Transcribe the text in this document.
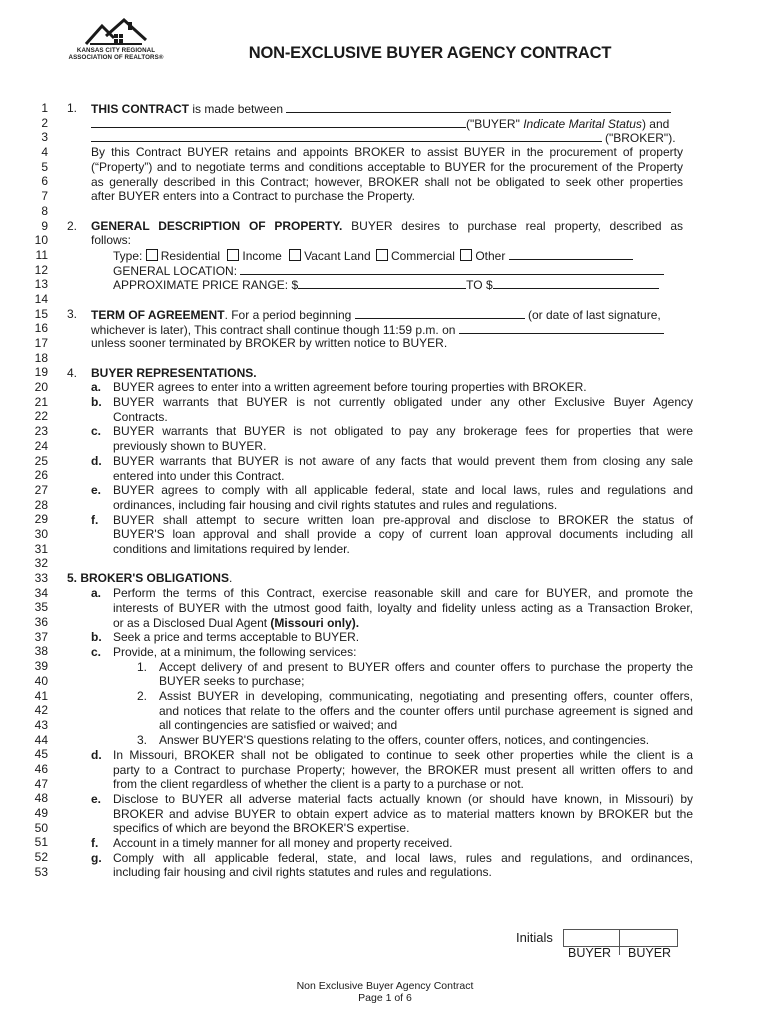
KANSAS CITY REGIONAL
ASSOCIATION OF REALTORS®	NON-EXCLUSIVE BUYER AGENCY CONTRACT
1
2
3
4
5
6
7
8
9
10
11
12
13
14
15
16
17
18
19
20
21
22
23
24
25
26
27
28
29
30
31
32
33
34
35
36
37
38
39
40
41
42
43
44
45
46
47
48
49
50
51
52
53
1. THIS CONTRACT is made between
("BUYER" Indicate Marital Status) and
("BROKER").
By this Contract BUYER retains and appoints BROKER to assist BUYER in the procurement of property
(“Property”) and to negotiate terms and conditions acceptable to BUYER for the procurement of the Property
as generally described in this Contract; however, BROKER shall not be obligated to seek other properties
after BUYER enters into a Contract to purchase the Property.
2. GENERAL DESCRIPTION OF PROPERTY. BUYER desires to purchase real property, described as
follows:
Type: Residential Income Vacant Land Commercial Other
GENERAL LOCATION:
APPROXIMATE PRICE RANGE: $	TO $
3. TERM OF AGREEMENT. For a period beginning	(or date of last signature,
whichever is later), This contract shall continue though 11:59 p.m. on
unless sooner terminated by BROKER by written notice to BUYER.
4. BUYER REPRESENTATIONS.
a. BUYER agrees to enter into a written agreement before touring properties with BROKER.
b. BUYER warrants that BUYER is not currently obligated under any other Exclusive Buyer Agency
Contracts.
c. BUYER warrants that BUYER is not obligated to pay any brokerage fees for properties that were
previously shown to BUYER.
d. BUYER warrants that BUYER is not aware of any facts that would prevent them from closing any sale
entered into under this Contract.
e. BUYER agrees to comply with all applicable federal, state and local laws, rules and regulations and
ordinances, including fair housing and civil rights statutes and rules and regulations.
f. BUYER shall attempt to secure written loan pre-approval and disclose to BROKER the status of
BUYER'S loan approval and shall provide a copy of current loan approval documents including all
conditions and limitations required by lender.
5. BROKER'S OBLIGATIONS.
a. Perform the terms of this Contract, exercise reasonable skill and care for BUYER, and promote the
interests of BUYER with the utmost good faith, loyalty and fidelity unless acting as a Transaction Broker,
or as a Disclosed Dual Agent (Missouri only).
b. Seek a price and terms acceptable to BUYER.
c. Provide, at a minimum, the following services:
1. Accept delivery of and present to BUYER offers and counter offers to purchase the property the
BUYER seeks to purchase;
2. Assist BUYER in developing, communicating, negotiating and presenting offers, counter offers,
and notices that relate to the offers and the counter offers until purchase agreement is signed and
all contingencies are satisfied or waived; and
3. Answer BUYER'S questions relating to the offers, counter offers, notices, and contingencies.
d. In Missouri, BROKER shall not be obligated to continue to seek other properties while the client is a
party to a Contract to purchase Property; however, the BROKER must present all written offers to and
from the client regardless of whether the client is a party to a purchase or not.
e. Disclose to BUYER all adverse material facts actually known (or should have known, in Missouri) by
BROKER and advise BUYER to obtain expert advice as to material matters known by BROKER but the
specifics of which are beyond the BROKER'S expertise.
f. Account in a timely manner for all money and property received.
g. Comply with all applicable federal, state, and local laws, rules and regulations, and ordinances,
including fair housing and civil rights statutes and rules and regulations.
Initials
BUYER BUYER
Non Exclusive Buyer Agency Contract
Page 1 of 6
